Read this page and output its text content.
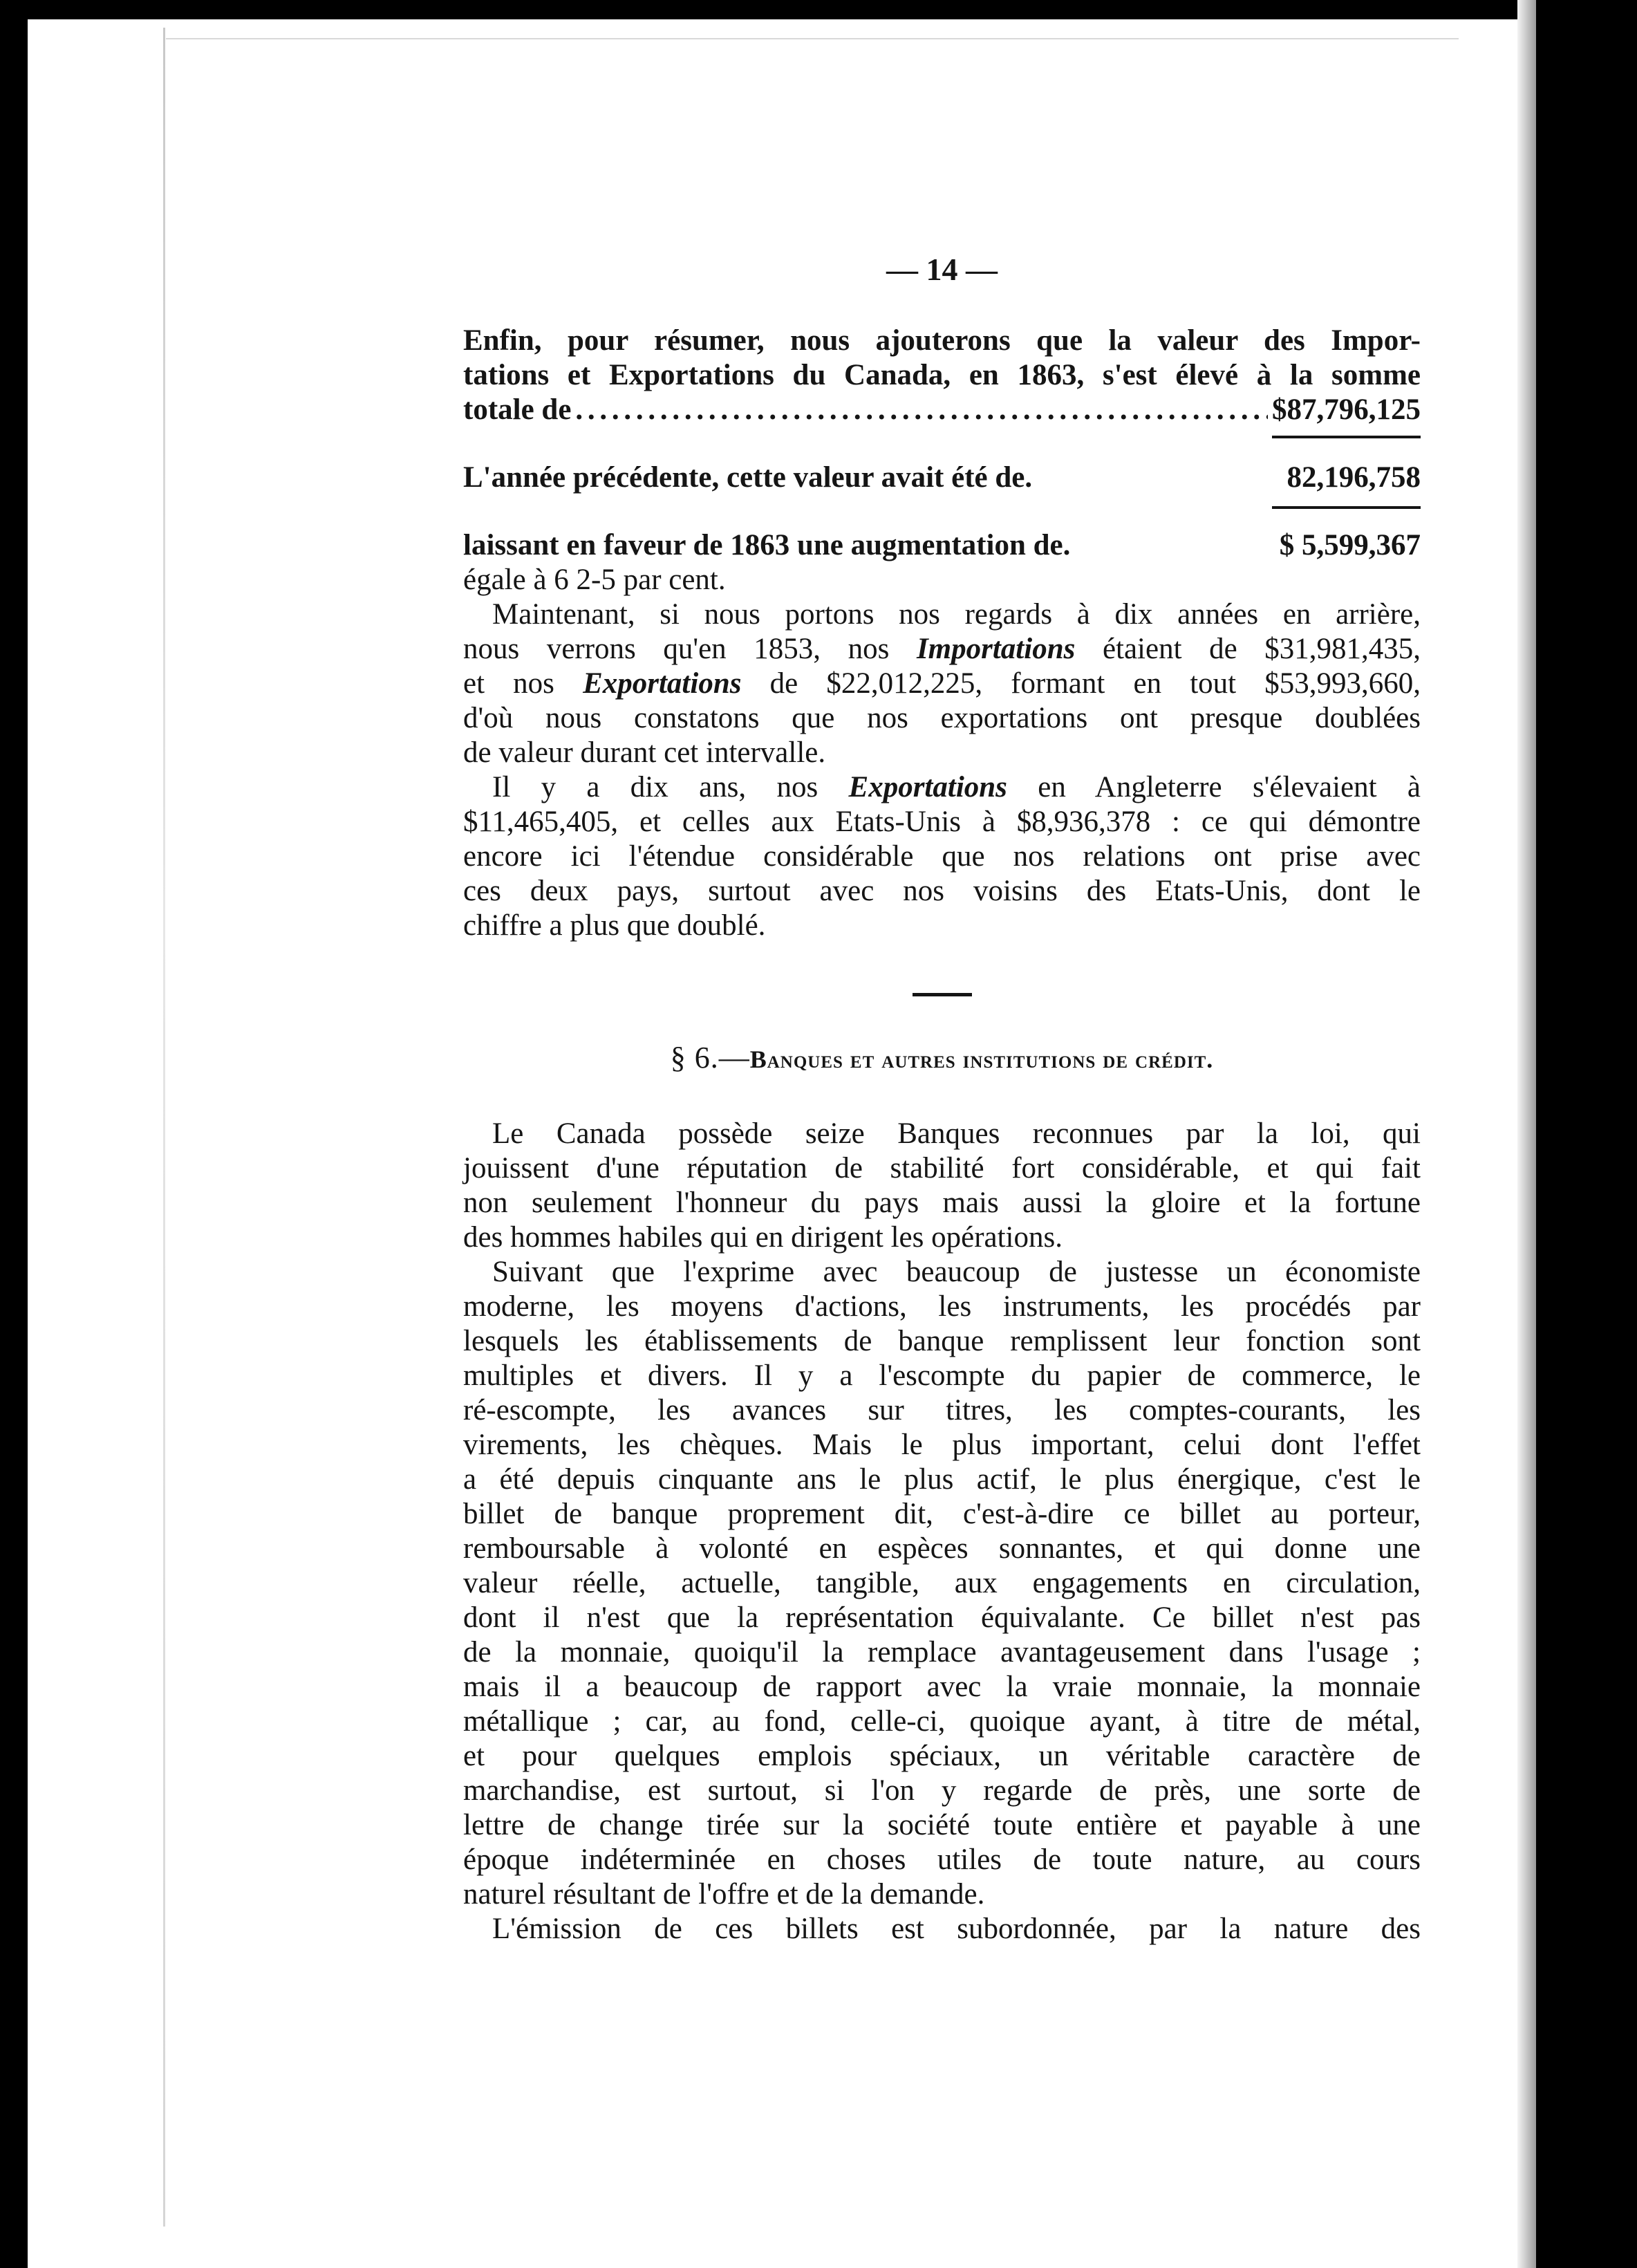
— 14 —

Enfin, pour résumer, nous ajouterons que la valeur des Impor-

tations et Exportations du Canada, en 1863, s'est élevé à la somme

totale de
. . .	$87,796,125
L'année précédente, cette valeur avait été de.	82,196,758
laissant en faveur de 1863 une augmentation de.	$ 5,599,367

égale à 6 2-5 par cent.

Maintenant, si nous portons nos regards à dix années en arrière,

nous verrons qu'en 1853, nos Importations étaient de $31,981,435,

et nos Exportations de $22,012,225, formant en tout $53,993,660,

d'où nous constatons que nos exportations ont presque doublées

de valeur durant cet intervalle.

Il y a dix ans, nos Exportations en Angleterre s'élevaient à

$11,465,405, et celles aux Etats-Unis à $8,936,378 : ce qui démontre

encore ici l'étendue considérable que nos relations ont prise avec

ces deux pays, surtout avec nos voisins des Etats-Unis, dont le

chiffre a plus que doublé.

§ 6.—Banques et autres institutions de crédit.

Le Canada possède seize Banques reconnues par la loi, qui

jouissent d'une réputation de stabilité fort considérable, et qui fait

non seulement l'honneur du pays mais aussi la gloire et la fortune

des hommes habiles qui en dirigent les opérations.

Suivant que l'exprime avec beaucoup de justesse un économiste

moderne, les moyens d'actions, les instruments, les procédés par

lesquels les établissements de banque remplissent leur fonction sont

multiples et divers. Il y a l'escompte du papier de commerce, le

ré-escompte, les avances sur titres, les comptes-courants, les

virements, les chèques. Mais le plus important, celui dont l'effet

a été depuis cinquante ans le plus actif, le plus énergique, c'est le

billet de banque proprement dit, c'est-à-dire ce billet au porteur,

remboursable à volonté en espèces sonnantes, et qui donne une

valeur réelle, actuelle, tangible, aux engagements en circulation,

dont il n'est que la représentation équivalante. Ce billet n'est pas

de la monnaie, quoiqu'il la remplace avantageusement dans l'usage ;

mais il a beaucoup de rapport avec la vraie monnaie, la monnaie

métallique ; car, au fond, celle-ci, quoique ayant, à titre de métal,

et pour quelques emplois spéciaux, un véritable caractère de

marchandise, est surtout, si l'on y regarde de près, une sorte de

lettre de change tirée sur la société toute entière et payable à une

époque indéterminée en choses utiles de toute nature, au cours

naturel résultant de l'offre et de la demande.

L'émission de ces billets est subordonnée, par la nature des
